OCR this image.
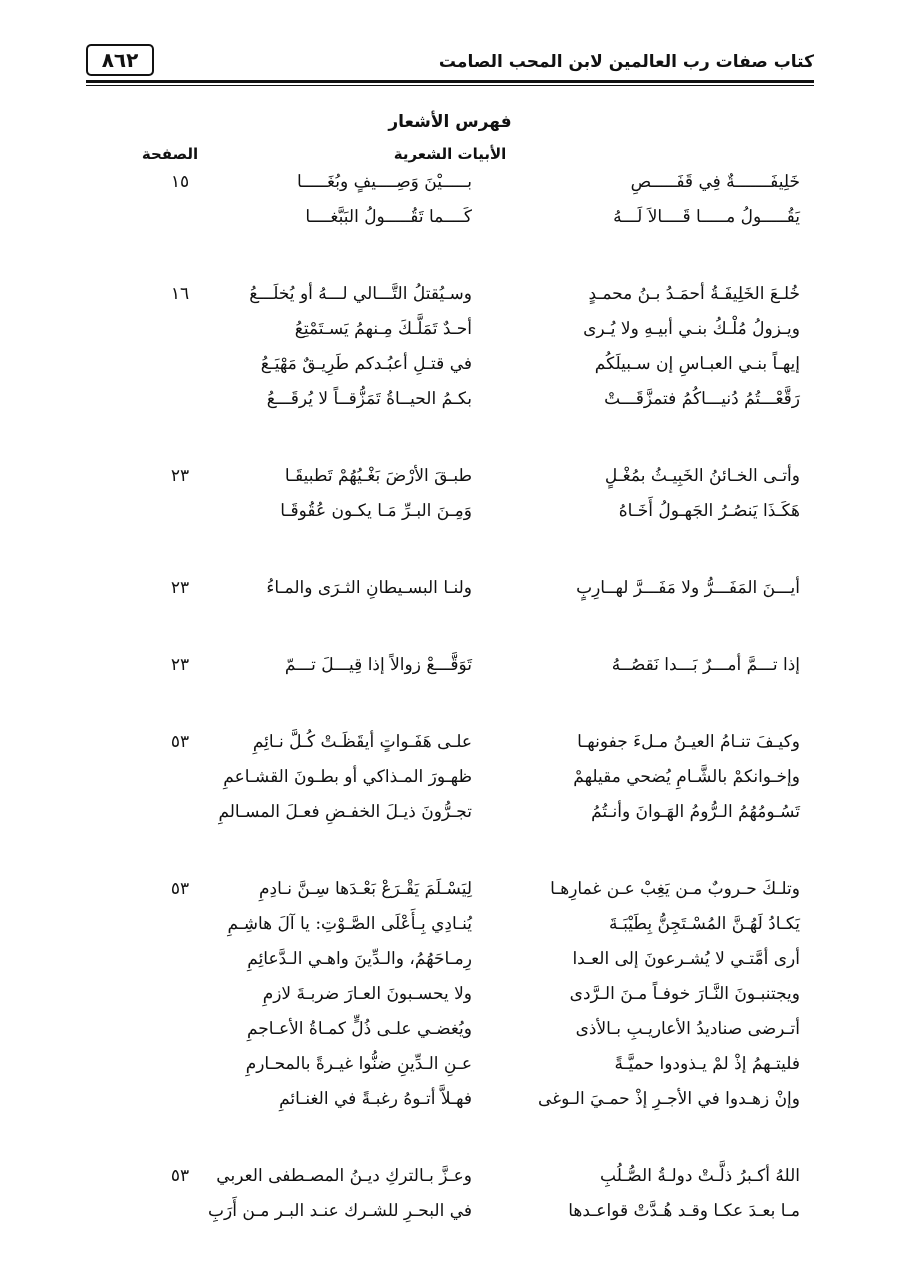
كتاب صفات رب العالمين لابن المحب الصامت
٨٦٢
فهرس الأشعار
الأبيات الشعرية
الصفحة
خَلِيفَـــــــةٌ فِي قَفَـــــصِ
بـــــيْنَ وَصِــــيفٍ وبُغَـــــا
١٥
يَقُـــــولُ مـــــا قَــــالاَ لَـــهُ
كَــــما تَقُـــــولُ البَبَّغــــا
خُلـعَ الخَلِيفَـةُ أحمَـدُ بـنُ محمـدٍ
وسـيُقتلُ التَّـــالي لـــهُ أو يُخلَـــعُ
١٦
ويـزولُ مُلْـكُ بنـي أبيـهِ ولا يُـرى
أحـدٌ تَمَلَّـكَ مِـنهمُ يَسـتَمْتِعُ
إيهـاً بنـي العبـاسِ إن سـبيلَكُم
في قتـلِ أعبُـدكم طَرِيـقٌ مَهْيَـعُ
رَقَّعْـــتُمُ دُنيـــاكُمُ فتمزَّقَـــتْ
بكـمُ الحيــاةُ تَمَزُّقــاً لا يُرقَـــعُ
وأتـى الخـائنُ الخَبِيـثُ بمُغْـلٍ
طبـقَ الأرْضَ بَغْـيُهُمْ تَطبيقَـا
٢٣
هَكَـذَا يَنصُـرُ الجَهـولُ أَخَـاهُ
وَمِـنَ البـرِّ مَـا يكـون عُقُوقَـا
أيـــنَ المَفَـــرُّ ولا مَفَـــرَّ لهــارِبٍ
ولنـا البسـيطانِ الثـرَى والمـاءُ
٢٣
إذا تـــمَّ أمـــرٌ بَـــدا نَقصُــهُ
تَوَقَّـــعْ زوالاً إذا قِيـــلَ تـــمّ
٢٣
وكيـفَ تنـامُ العيـنُ مـلءَ جفونهـا
علـى هَفَـواتٍ أيقَظَـتْ كُـلَّ نـائِمِ
٥٣
وإخـوانكمْ بالشَّـامِ يُضحي مقيلهمْ
ظهـورَ المـذاكي أو بطـونَ القشـاعمِ
تَسُـومُهُمُ الـرُّومُ الهَـوانَ وأنـتُمُ
تجـرُّونَ ذيـلَ الخفـضِ فعـلَ المسـالمِ
وتلـكَ حـروبٌ مـن يَغِبْ عـن غمارِهـا
لِيَسْـلَمَ يَقْـرَعْ بَعْـدَها سِـنَّ نـادِمِ
٥٣
يَكـادُ لَهُـنَّ المُسْـتَجِنُّ بِطَيْبَـةَ
يُنـادِي بِـأَعْلَى الصَّـوْتِ: يا آلَ هاشِـمِ
أرى أمَّتـي لا يُشـرعونَ إلى العـدا
رِمـاحَهُمُ، والـدِّينَ واهـي الـدَّعائِمِ
ويجتنبـونَ النَّـارَ خوفـاً مـنَ الـرَّدى
ولا يحسـبونَ العـارَ ضربـةَ لازمِ
أتـرضى صناديدُ الأعاريـبِ بـالأذى
ويُغضـي علـى ذُلٍّ كمـاةُ الأعـاجمِ
فليتـهمُ إذْ لمْ يـذودوا حميَّـةً
عـنِ الـدِّينِ ضنُّوا غيـرةً بالمحـارمِ
وإنْ زهـدوا في الأجـرِ إذْ حمـيَ الـوغى
فهـلاَّ أتـوهُ رغبـةً في الغنـائمِ
اللهُ أكـبرُ ذلَّـتْ دولـةُ الصُّـلُبِ
وعـزَّ بـالتركِ ديـنُ المصـطفى العربي
٥٣
مـا بعـدَ عكـا وقـد هُـدَّتْ قواعـدها
في البحـرِ للشـرك عنـد البـر مـن أَرَبِ
